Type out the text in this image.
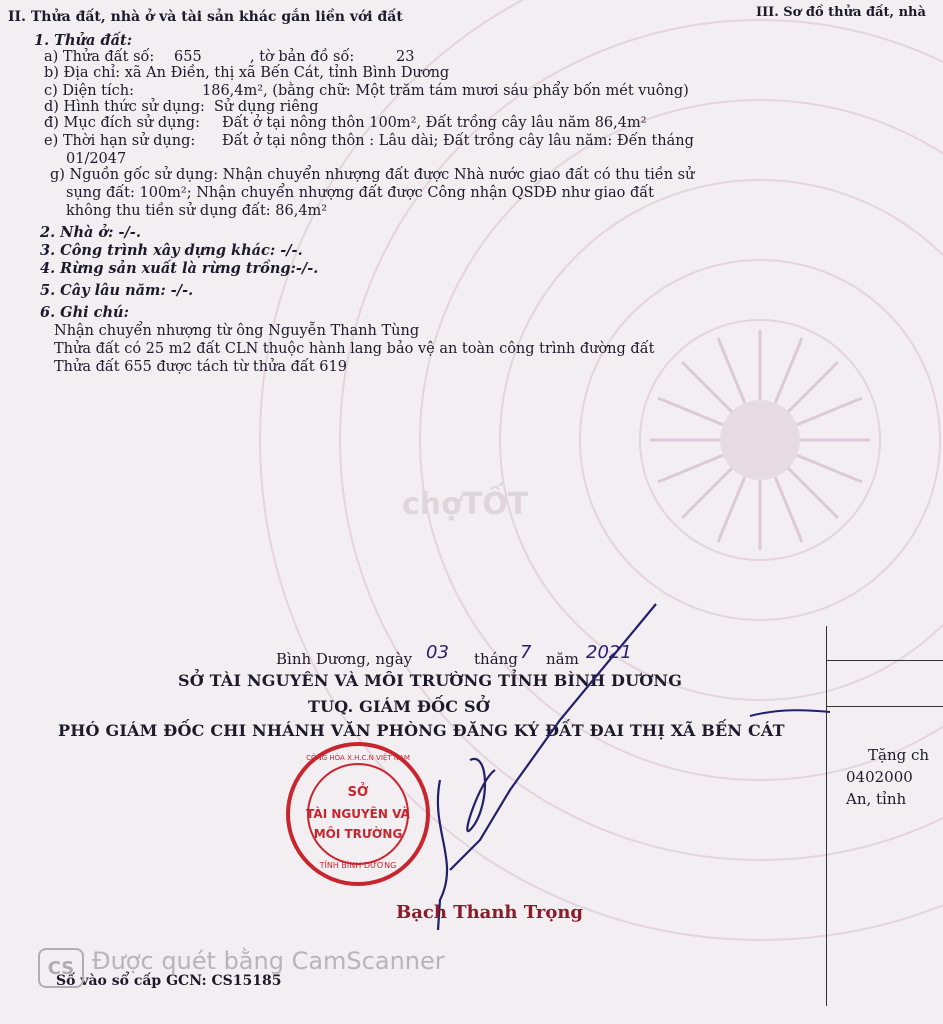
II. Thửa đất, nhà ở và tài sản khác gắn liền với đất	III. Sơ đồ thửa đất, nhà
1. Thửa đất:
a) Thửa đất số: 655	, tờ bản đồ số:	23
b) Địa chỉ: xã An Điền, thị xã Bến Cát, tỉnh Bình Dương
c) Diện tích:	186,4m², (bằng chữ: Một trăm tám mươi sáu phẩy bốn mét vuông)
d) Hình thức sử dụng: Sử dụng riêng
đ) Mục đích sử dụng: Đất ở tại nông thôn 100m², Đất trồng cây lâu năm 86,4m²
e) Thời hạn sử dụng: Đất ở tại nông thôn : Lâu dài; Đất trồng cây lâu năm: Đến tháng
01/2047
g) Nguồn gốc sử dụng: Nhận chuyển nhượng đất được Nhà nước giao đất có thu tiền sử
sụng đất: 100m²; Nhận chuyển nhượng đất được Công nhận QSDĐ như giao đất
không thu tiền sử dụng đất: 86,4m²
2. Nhà ở: -/-.
3. Công trình xây dựng khác: -/-.
4. Rừng sản xuất là rừng trồng:-/-.
5. Cây lâu năm: -/-.
6. Ghi chú:
Nhận chuyển nhượng từ ông Nguyễn Thanh Tùng
Thửa đất có 25 m2 đất CLN thuộc hành lang bảo vệ an toàn công trình đường đất
Thửa đất 655 được tách từ thửa đất 619
chợTỐT
Bình Dương, ngày 03 tháng 7 năm 2021
SỞ TÀI NGUYÊN VÀ MÔI TRƯỜNG TỈNH BÌNH DƯƠNG
TUQ. GIÁM ĐỐC SỞ
PHÓ GIÁM ĐỐC CHI NHÁNH VĂN PHÒNG ĐĂNG KÝ ĐẤT ĐAI THỊ XÃ BẾN CÁT
SỞ
TÀI NGUYÊN VÀ
MÔI TRƯỜNG
TỈNH BÌNH DƯƠNG
CỘNG HÒA X.H.C.N VIỆT NAM
Bạch Thanh Trọng
Tặng ch
0402000
An, tỉnh
Số vào sổ cấp GCN: CS15185
CS Được quét bằng CamScanner
